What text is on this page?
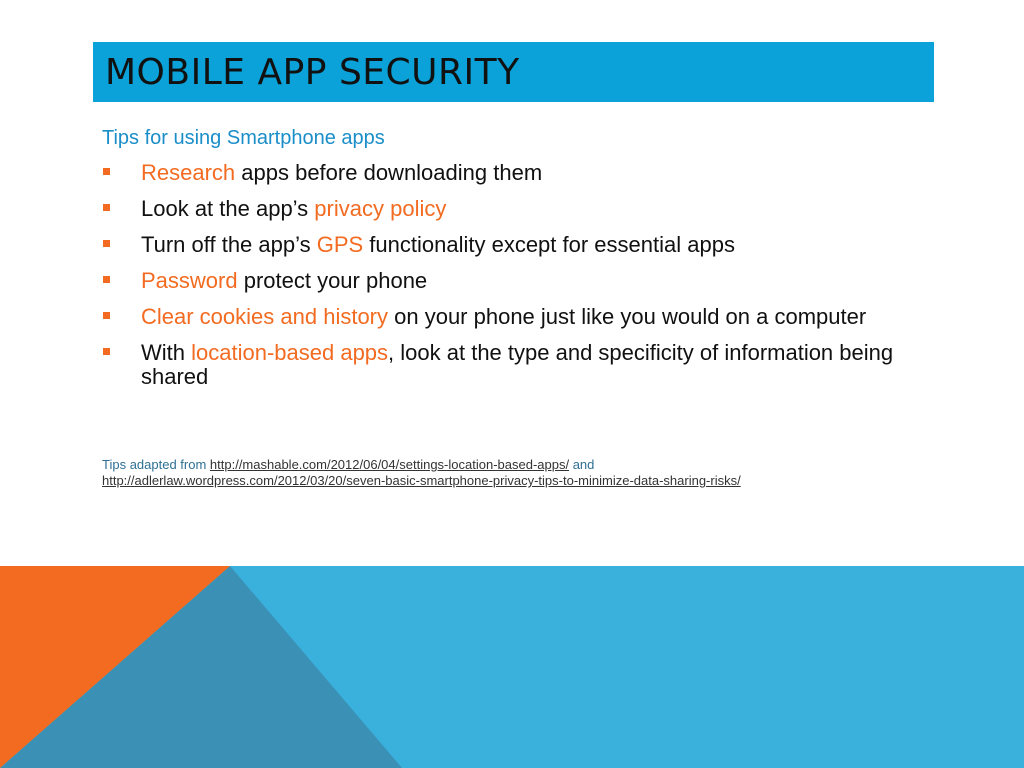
MOBILE APP SECURITY
Tips for using Smartphone apps
Research apps before downloading them
Look at the app’s privacy policy
Turn off the app’s GPS functionality except for essential apps
Password protect your phone
Clear cookies and history on your phone just like you would on a computer
With location-based apps, look at the type and specificity of information being shared
Tips adapted from http://mashable.com/2012/06/04/settings-location-based-apps/ and
http://adlerlaw.wordpress.com/2012/03/20/seven-basic-smartphone-privacy-tips-to-minimize-data-sharing-risks/
